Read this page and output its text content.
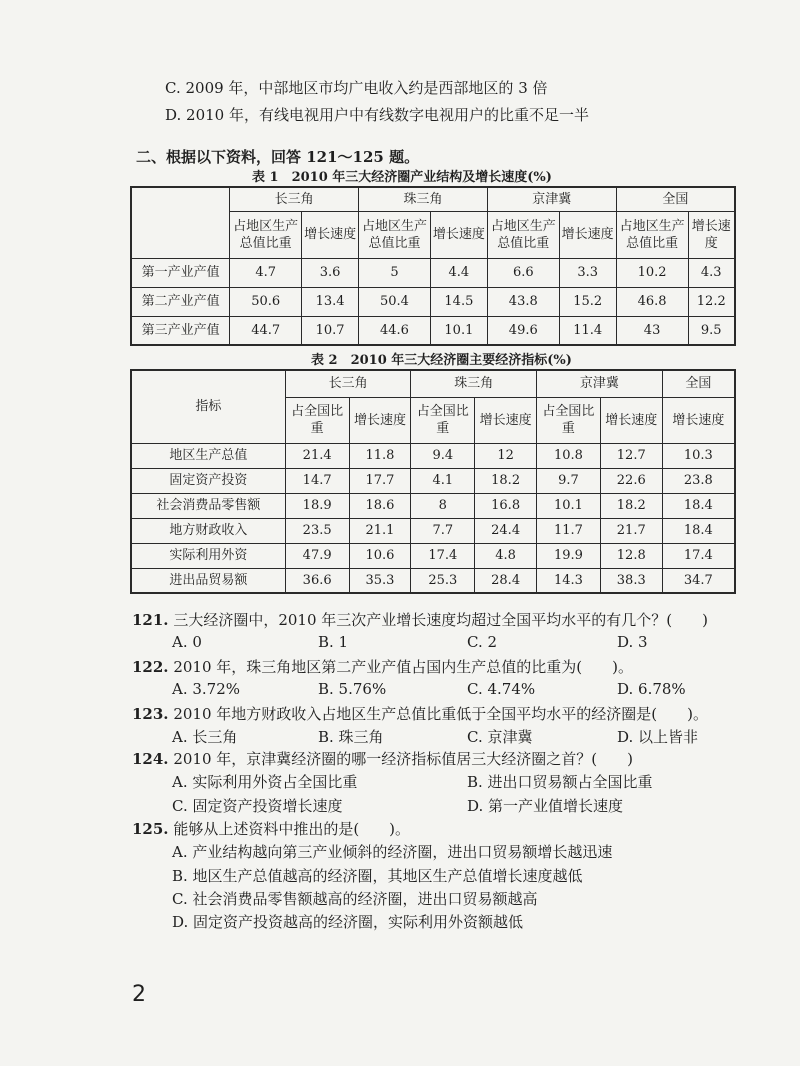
C. 2009 年，中部地区市均广电收入约是西部地区的 3 倍
D. 2010 年，有线电视用户中有线数字电视用户的比重不足一半
二、根据以下资料，回答 121～125 题。
表 1　2010 年三大经济圈产业结构及增长速度(%)
	长三角		珠三角		京津冀		全国	
	占地区生产总值比重	增长速度	占地区生产总值比重	增长速度	占地区生产总值比重	增长速度	占地区生产总值比重	增长速度
第一产业产值	4.7	3.6	5	4.4	6.6	3.3	10.2	4.3
第二产业产值	50.6	13.4	50.4	14.5	43.8	15.2	46.8	12.2
第三产业产值	44.7	10.7	44.6	10.1	49.6	11.4	43	9.5
表 2　2010 年三大经济圈主要经济指标(%)
指标	长三角		珠三角		京津冀		全国
	占全国比重	增长速度	占全国比重	增长速度	占全国比重	增长速度	增长速度
地区生产总值	21.4	11.8	9.4	12	10.8	12.7	10.3
固定资产投资	14.7	17.7	4.1	18.2	9.7	22.6	23.8
社会消费品零售额	18.9	18.6	8	16.8	10.1	18.2	18.4
地方财政收入	23.5	21.1	7.7	24.4	11.7	21.7	18.4
实际利用外资	47.9	10.6	17.4	4.8	19.9	12.8	17.4
进出品贸易额	36.6	35.3	25.3	28.4	14.3	38.3	34.7
121. 三大经济圈中，2010 年三次产业增长速度均超过全国平均水平的有几个？(　　)
A. 0	B. 1	C. 2	D. 3
122. 2010 年，珠三角地区第二产业产值占国内生产总值的比重为(　　)。
A. 3.72%	B. 5.76%	C. 4.74%	D. 6.78%
123. 2010 年地方财政收入占地区生产总值比重低于全国平均水平的经济圈是(　　)。
A. 长三角	B. 珠三角	C. 京津冀	D. 以上皆非
124. 2010 年，京津冀经济圈的哪一经济指标值居三大经济圈之首？(　　)
A. 实际利用外资占全国比重	B. 进出口贸易额占全国比重
C. 固定资产投资增长速度	D. 第一产业值增长速度
125. 能够从上述资料中推出的是(　　)。
A. 产业结构越向第三产业倾斜的经济圈，进出口贸易额增长越迅速
B. 地区生产总值越高的经济圈，其地区生产总值增长速度越低
C. 社会消费品零售额越高的经济圈，进出口贸易额越高
D. 固定资产投资越高的经济圈，实际利用外资额越低
2
